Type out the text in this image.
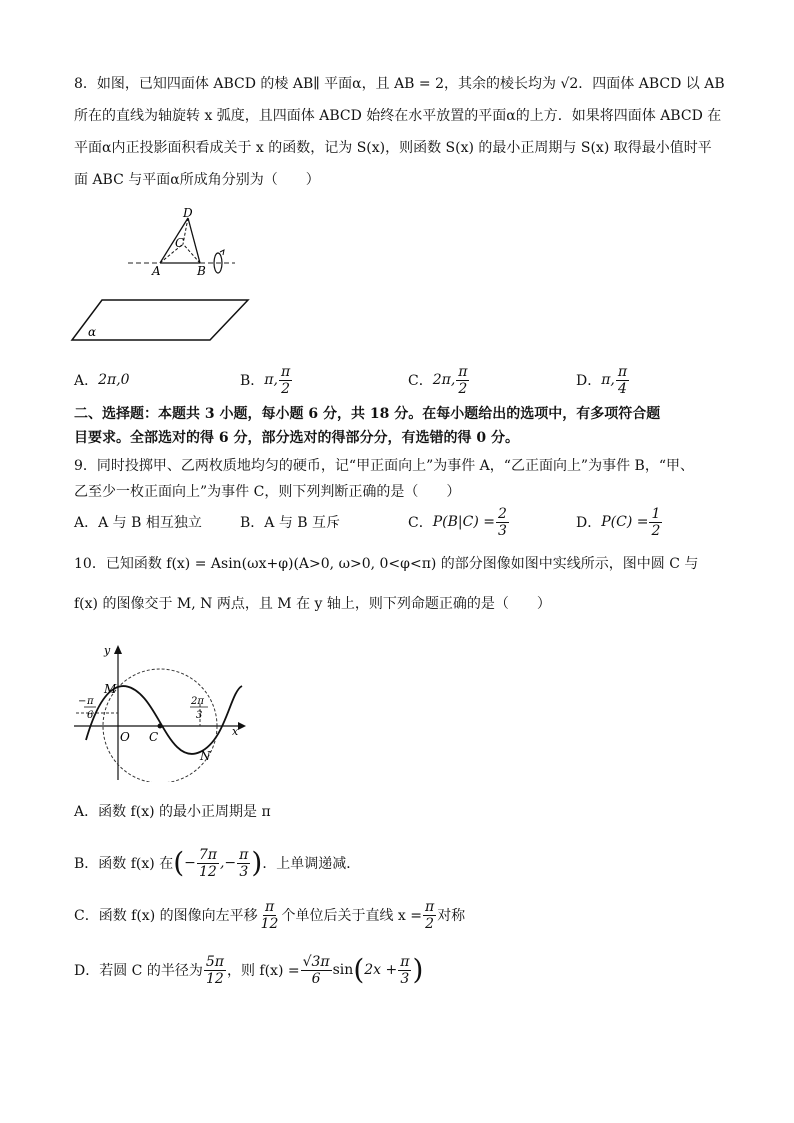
8．如图，已知四面体 ABCD 的棱 AB∥ 平面α，且 AB = 2，其余的棱长均为 √2．四面体 ABCD 以 AB
所在的直线为轴旋转 x 弧度，且四面体 ABCD 始终在水平放置的平面α的上方．如果将四面体 ABCD 在
平面α内正投影面积看成关于 x 的函数，记为 S(x)，则函数 S(x) 的最小正周期与 S(x) 取得最小值时平
面 ABC 与平面α所成角分别为（　　）
D
C
A	B
α
A． 2π,0	B． π, $\frac{\pi}{2}$	C． 2π, $\frac{\pi}{2}$	D． π, $\frac{\pi}{4}$
二、选择题：本题共 3 小题，每小题 6 分，共 18 分。在每小题给出的选项中，有多项符合题
目要求。全部选对的得 6 分，部分选对的得部分分，有选错的得 0 分。
9．同时投掷甲、乙两枚质地均匀的硬币，记“甲正面向上”为事件 A，“乙正面向上”为事件 B，“甲、
乙至少一枚正面向上”为事件 C，则下列判断正确的是（　　）
A． A 与 B 相互独立	B． A 与 B 互斥	C． $P(B|C) = \frac{2}{3}$	D． $P(C) = \frac{1}{2}$
10．已知函数 f(x) = Asin(ωx+φ)(A>0, ω>0, 0<φ<π) 的部分图像如图中实线所示，图中圆 C 与
f(x) 的图像交于 M, N 两点，且 M 在 y 轴上，则下列命题正确的是（　　）
y
M
O C
N
x
− π
6
2π
3
A．函数 f(x) 的最小正周期是 π
B．函数 f(x) 在 ( − $\frac{7\pi}{12}$ ,− $\frac{\pi}{3}$ ) ．上单调递减．
C．函数 f(x) 的图像向左平移 $\frac{\pi}{12}$ 个单位后关于直线 $x = \frac{\pi}{2}$ 对称
D．若圆 C 的半径为 $\frac{5\pi}{12}$ ，则 $f(x) = \frac{√3\pi}{6}$ sin ( $2x + \frac{\pi}{3}$ )
